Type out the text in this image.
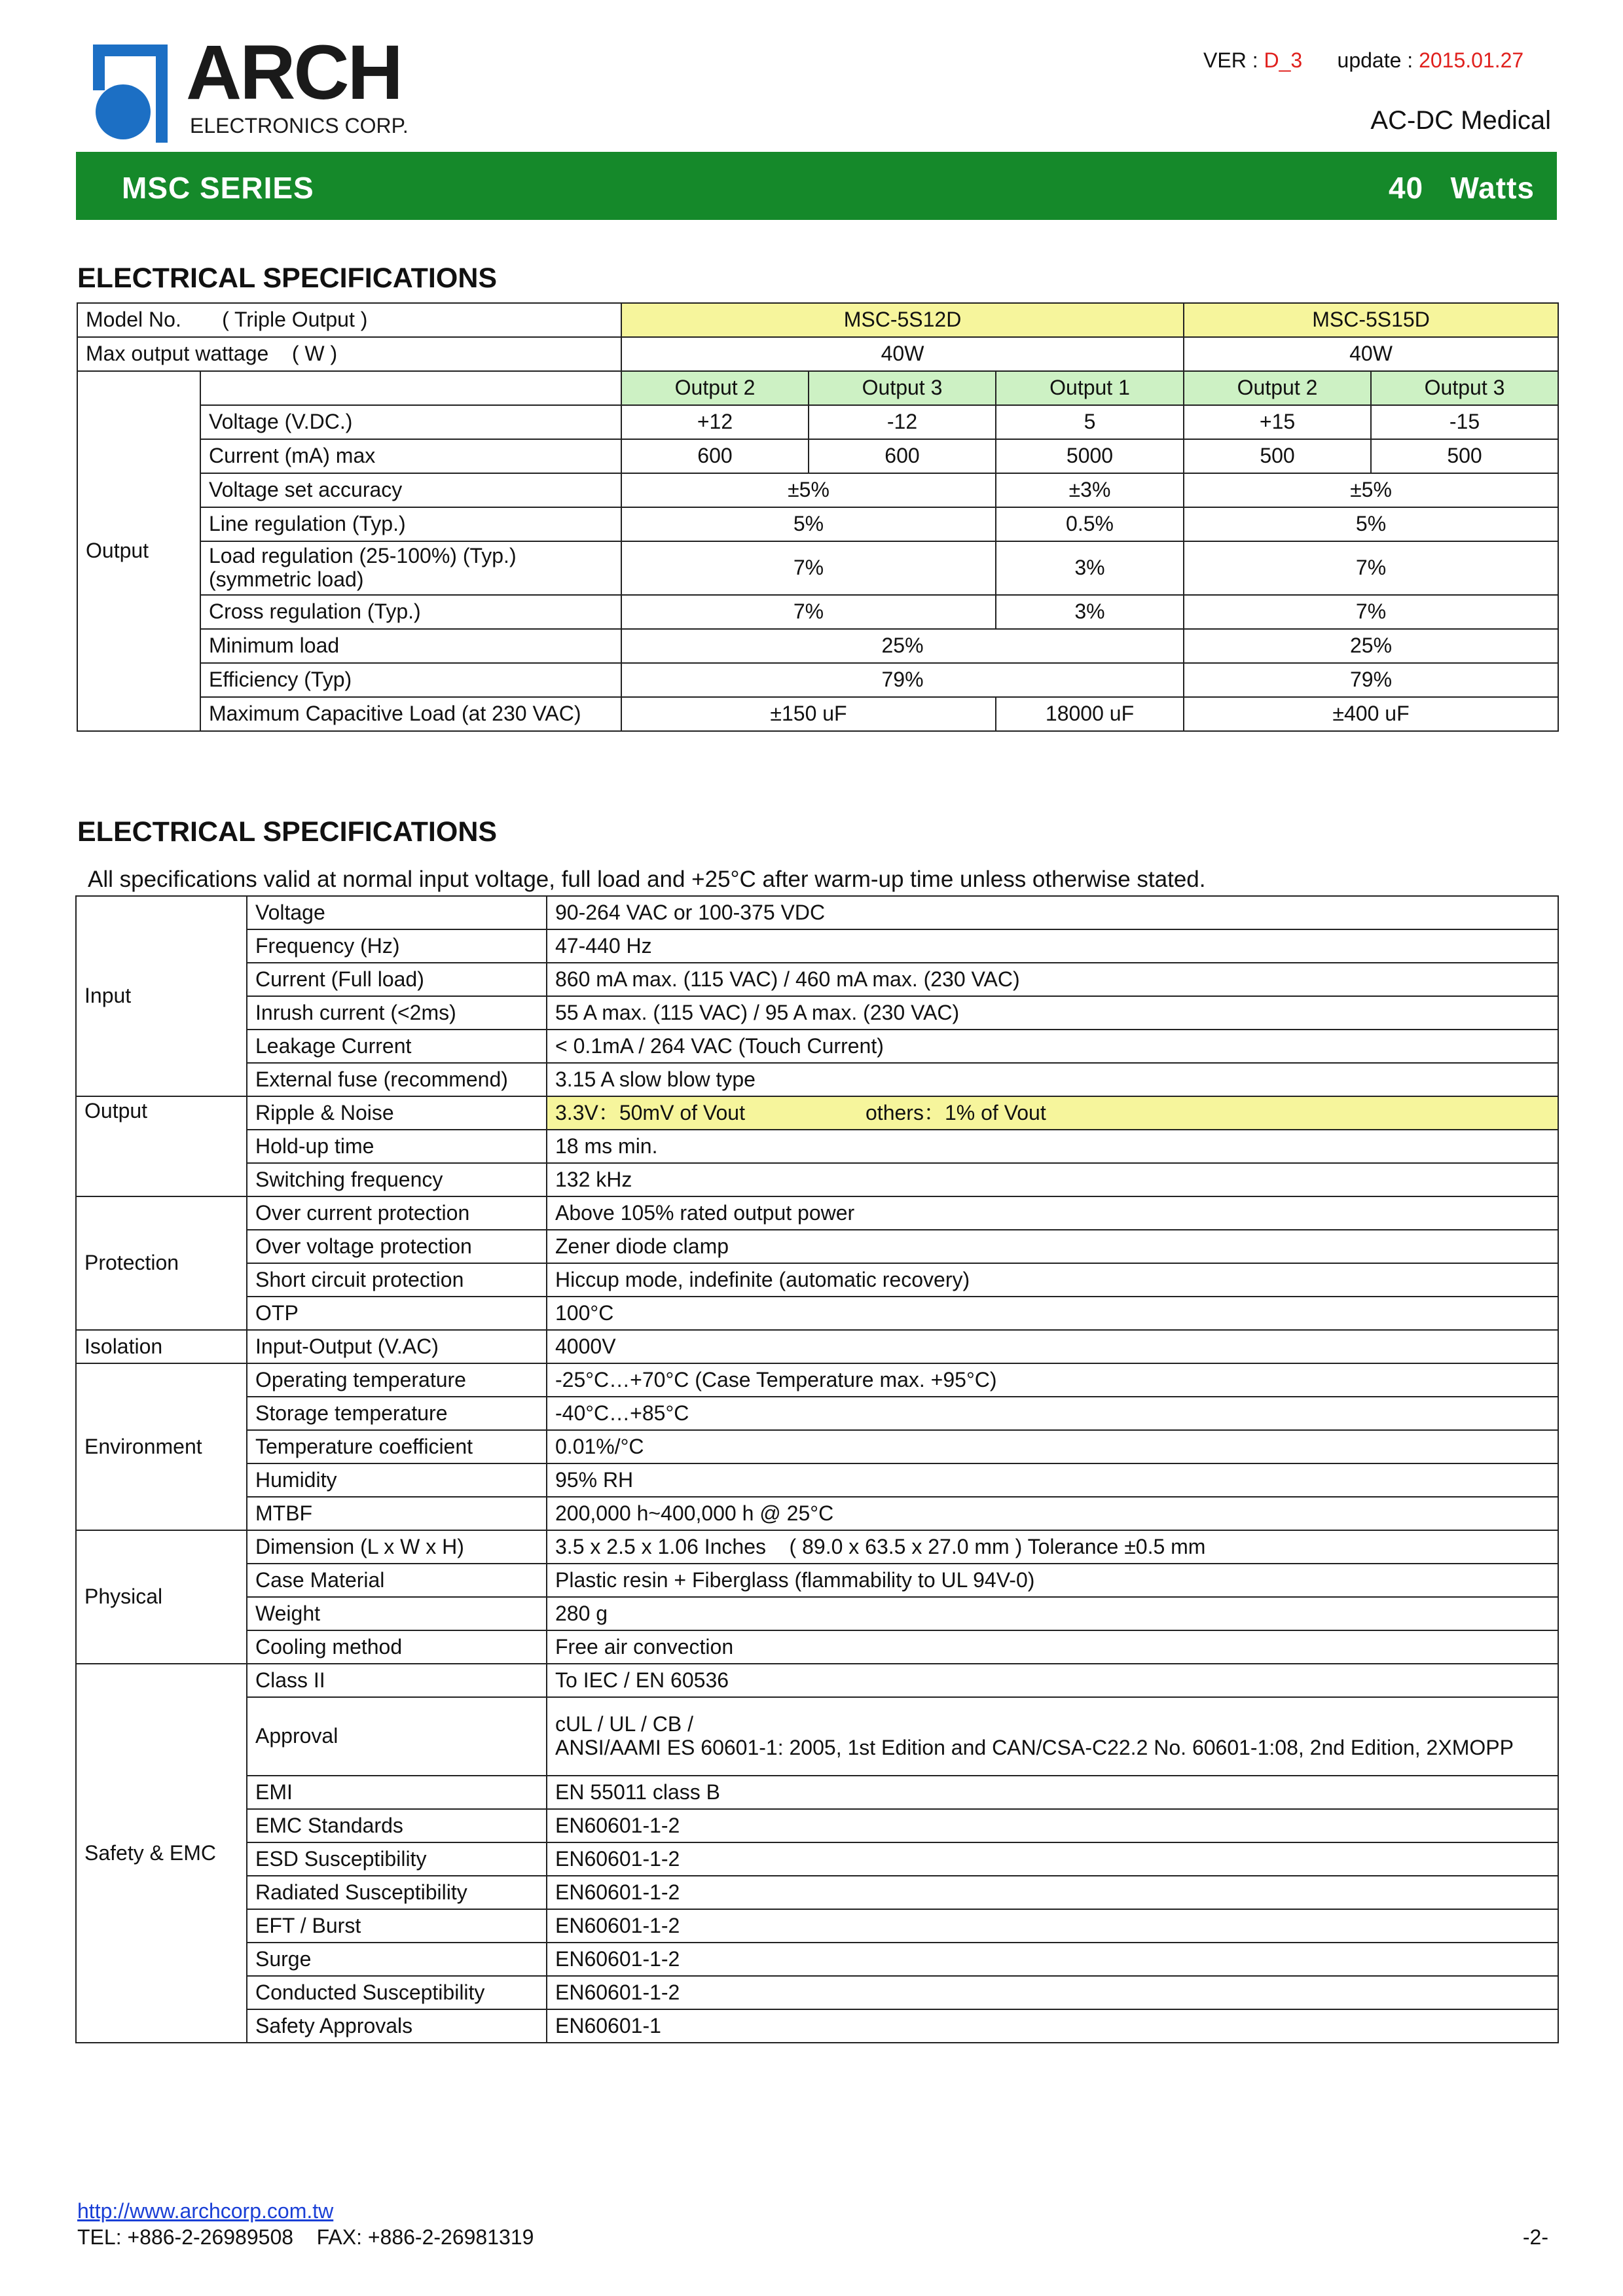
ARCH
ELECTRONICS CORP.
VER : D_3 update : 2015.01.27
AC-DC Medical
MSC SERIES	40   Watts
ELECTRICAL SPECIFICATIONS
Model No.       ( Triple Output )		MSC-5S12D			MSC-5S15D	
Max output wattage    ( W )		40W			40W	
Output		Output 2	Output 3	Output 1	Output 2	Output 3
	Voltage (V.DC.)	+12	-12	5	+15	-15
	Current (mA) max	600	600	5000	500	500
	Voltage set accuracy	±5%		±3%	±5%	
	Line regulation (Typ.)	5%		0.5%	5%	
	Load regulation (25-100%) (Typ.)
(symmetric load)	7%		3%	7%	
	Cross regulation (Typ.)	7%		3%	7%	
	Minimum load	25%			25%	
	Efficiency (Typ)	79%			79%	
	Maximum Capacitive Load (at 230 VAC)	±150 uF		18000 uF	±400 uF	
ELECTRICAL SPECIFICATIONS
All specifications valid at normal input voltage, full load and +25°C after warm-up time unless otherwise stated.
Input	Voltage	90-264 VAC or 100-375 VDC
	Frequency (Hz)	47-440 Hz
	Current (Full load)	860 mA max. (115 VAC) / 460 mA max. (230 VAC)
	Inrush current (<2ms)	55 A max. (115 VAC) / 95 A max. (230 VAC)
	Leakage Current	< 0.1mA / 264 VAC (Touch Current)
	External fuse (recommend)	3.15 A slow blow type
Output	Ripple & Noise	3.3V：50mV of Vout others：1% of Vout
	Hold-up time	18 ms min.
	Switching frequency	132 kHz
Protection	Over current protection	Above 105% rated output power
	Over voltage protection	Zener diode clamp
	Short circuit protection	Hiccup mode, indefinite (automatic recovery)
	OTP	100°C
Isolation	Input-Output (V.AC)	4000V
Environment	Operating temperature	-25°C…+70°C (Case Temperature max. +95°C)
	Storage temperature	-40°C…+85°C
	Temperature coefficient	0.01%/°C
	Humidity	95% RH
	MTBF	200,000 h~400,000 h @ 25°C
Physical	Dimension (L x W x H)	3.5 x 2.5 x 1.06 Inches    ( 89.0 x 63.5 x 27.0 mm ) Tolerance ±0.5 mm
	Case Material	Plastic resin + Fiberglass (flammability to UL 94V-0)
	Weight	280 g
	Cooling method	Free air convection
Safety & EMC	Class II	To IEC / EN 60536
	Approval	cUL / UL / CB /
ANSI/AAMI ES 60601-1: 2005, 1st Edition and CAN/CSA-C22.2 No. 60601-1:08, 2nd Edition, 2XMOPP

	EMI	EN 55011 class B
	EMC Standards	EN60601-1-2
	ESD Susceptibility	EN60601-1-2
	Radiated Susceptibility	EN60601-1-2
	EFT / Burst	EN60601-1-2
	Surge	EN60601-1-2
	Conducted Susceptibility	EN60601-1-2
	Safety Approvals	EN60601-1
http://www.archcorp.com.tw
TEL: +886-2-26989508    FAX: +886-2-26981319	-2-
